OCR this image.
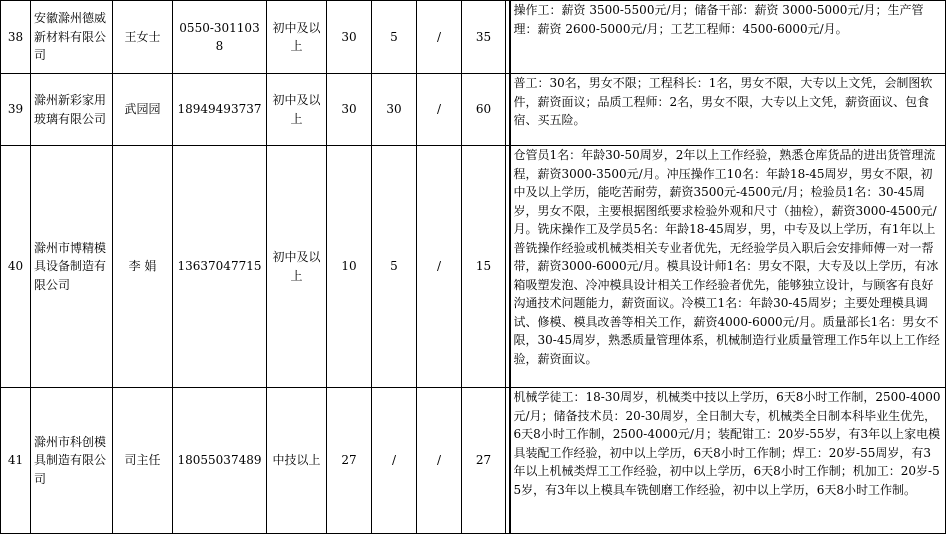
38	安徽滁州德威新材料有限公司	王女士	0550-3011038	初中及以上	30	5	/	35		操作工：薪资 3500-5500元/月；储备干部：薪资 3000-5000元/月；生产管理：薪资 2600-5000元/月；工艺工程师：4500-6000元/月。
39	滁州新彩家用玻璃有限公司	武园园	18949493737	初中及以上	30	30	/	60		普工：30名，男女不限；工程科长：1名，男女不限，大专以上文凭，会制图软件，薪资面议；品质工程师：2名，男女不限，大专以上文凭，薪资面议、包食宿、买五险。
40	滁州市博精模具设备制造有限公司	李 娟	13637047715	初中及以上	10	5	/	15		仓管员1名：年龄30-50周岁，2年以上工作经验，熟悉仓库货品的进出货管理流程，薪资3000-3500元/月。冲压操作工10名：年龄18-45周岁，男女不限，初中及以上学历，能吃苦耐劳，薪资3500元-4500元/月；检验员1名：30-45周岁，男女不限，主要根据图纸要求检验外观和尺寸（抽检），薪资3000-4500元/月。铣床操作工及学员5名：年龄18-45周岁，男，中专及以上学历，有1年以上普铣操作经验或机械类相关专业者优先，无经验学员入职后会安排师傅一对一帮带，薪资3000-6000元/月。模具设计师1名：男女不限，大专及以上学历，有冰箱吸塑发泡、冷冲模具设计相关工作经验者优先，能够独立设计，与顾客有良好沟通技术问题能力，薪资面议。冷模工1名：年龄30-45周岁；主要处理模具调试、修模、模具改善等相关工作，薪资4000-6000元/月。质量部长1名：男女不限，30-45周岁，熟悉质量管理体系，机械制造行业质量管理工作5年以上工作经验，薪资面议。
41	滁州市科创模具制造有限公司	司主任	18055037489	中技以上	27	/	/	27		机械学徒工：18-30周岁，机械类中技以上学历，6天8小时工作制，2500-4000元/月；储备技术员：20-30周岁，全日制大专，机械类全日制本科毕业生优先，6天8小时工作制，2500-4000元/月；装配钳工：20岁-55岁，有3年以上家电模具装配工作经验，初中以上学历，6天8小时工作制；焊工：20岁-55周岁，有3年以上机械类焊工工作经验，初中以上学历，6天8小时工作制；机加工：20岁-55岁，有3年以上模具车铣刨磨工作经验，初中以上学历，6天8小时工作制。
